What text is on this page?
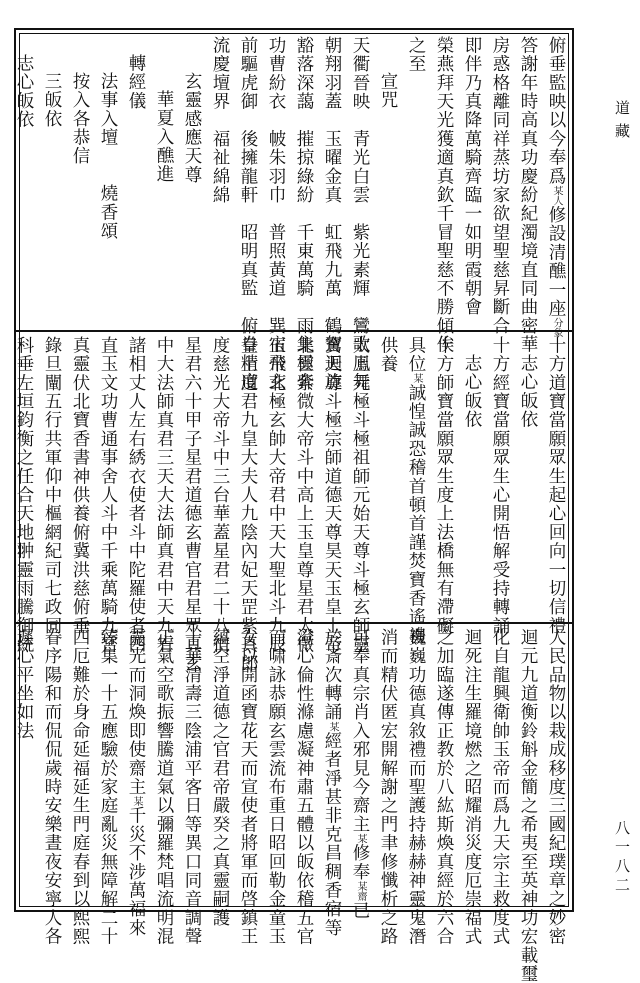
俯垂監映以今奉爲某人修設清醮一座分象
答謝年時高真功慶紛紀濁境直同曲密華
房惑格離同祥蒸坊家欲望聖慈昇斷合
即伴乃真降萬騎齊臨一如明霞朝會
榮燕拜天光獲適真欽千冒聖慈不勝傾俟
之至
宣咒
天衢晉映　青光白雲　紫光素輝　鸞歌鳳舞
朝翔羽蓋　玉曜金真　虹飛九萬　鶴駕迴旋
豁落深藹　摧掠綠紛　千東萬騎　雨集雲奔
功曹紛衣　帔朱羽巾　普照黃道　巽宿飛玄
前驅虎御　後擁龍軒　昭明真監　俯眷精度
流慶壇界　福祉綿綿
玄靈感應天尊
華夏入醮進
轉經儀
法事入壇　　燒香頌
按入各恭信
三皈依
志心皈依
十方道寶當願眾生起心回向一切信禮
志心皈依
十方經寶當願眾生心開悟解受持轉誦
志心皈依
十方師寶當願眾生度上法橋無有滯礙
具位某誠惶誠恐稽首頓首謹焚寶香遙禮
供養
太上元極斗極祖師元始天尊斗極玄師靈
寶天尊斗極宗師道德天尊昊天玉皇上帝
北極紫微大帝斗中高上玉皇尊星君太微
玉帝北極玄帥大帝君中天大聖北斗九辰
皇上道君九皇大夫人九陰內妃天罡紫真郎
度慈光大帝斗中三台華蓋星君二十八宿
星君六十甲子星君道德玄曹官君星眾真玄
中大法師真君三天大法師真君中天九宥
諸相丈人左右綉衣使者斗中陀羅使者四
直玉文功曹通事舍人斗中千乘萬騎九宮
真靈伏北寶香書神供養俯冀洪慈俯垂
錄旦闡五行共軍仰中樞網紀司七政同
科垂左垣鈞衡之任合天地翀靈雨騰御統
人民品物以栽成移度三國紀璞章之妙密
迴元九道衡鈴斛金簡之希夷至英神功宏載璽
化自龍興衛帥玉帝而爲九天宗主救度式
迴死注生羅境燃之昭耀消災度厄崇福式
之加臨遂傳正教於八紘斯煥真經於六合
巍巍功德真敘禮而聖護持赫赫神靈鬼潛
消而精伏匿宏開解謝之門聿修懺析之路
可奉真宗肖入邪見今齋主某修奉某齋已
於斎次轉誦某經者淨甚非克昌稠香宿等
澄心倫性滌慮凝神肅五體以皈依稽五官
而啸詠恭願玄雲流布重日昭回勒金童玉
女以開函寶花天而宣使者將軍而啓鎮王
蘊空淨道德之官君帝嚴癸之真靈嗣護
十華清壽三陰浦平客日等異口同音調聲
正氣空歌振響騰道氣以彌羅梵唱流明混
靈光而洞煥即使齋主某千災不涉萬福來
臻集一十五應驗於家庭亂災無障解二十
四厄難於身命延福延生門庭春到以熙熙
眷序陽和而侃侃歲時安樂晝夜安寧人各
遲心平坐如法
道藏
八一八二
